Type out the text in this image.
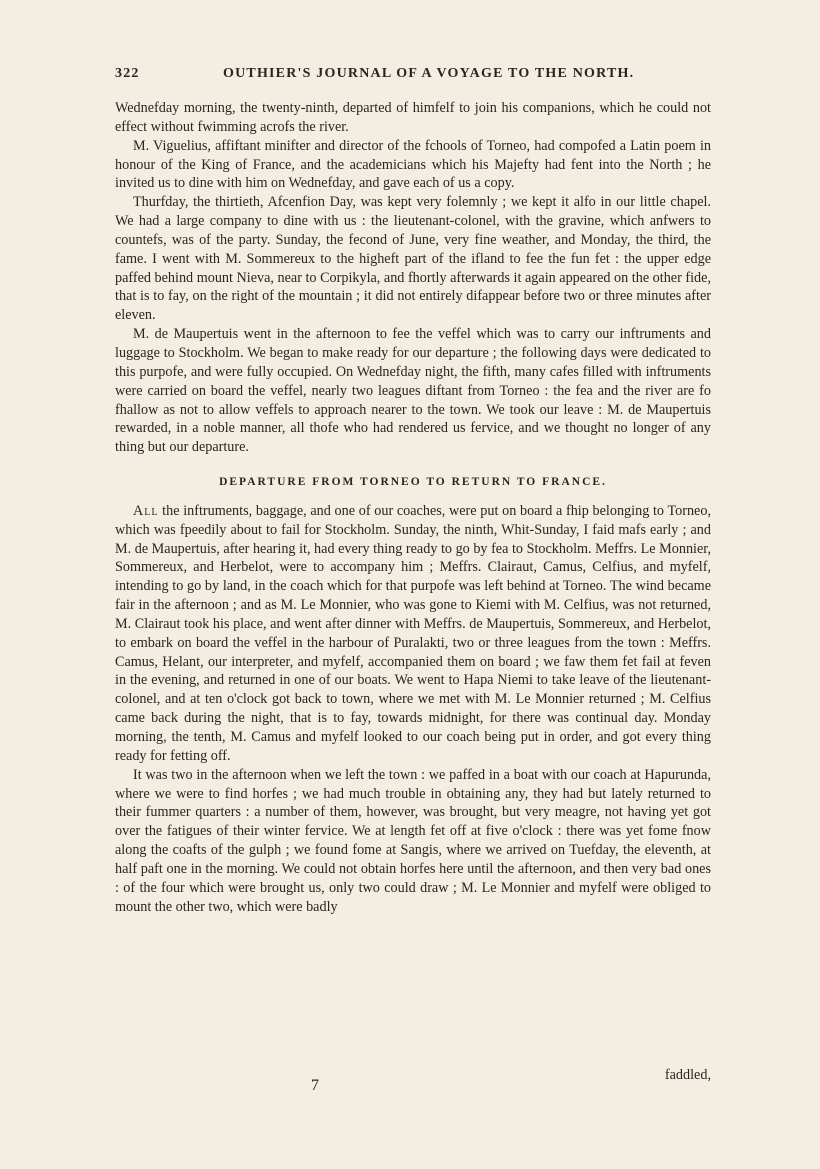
322	OUTHIER'S JOURNAL OF A VOYAGE TO THE NORTH.

Wednefday morning, the twenty-ninth, departed of himfelf to join his companions, which he could not effect without fwimming acrofs the river.

M. Viguelius, affiftant minifter and director of the fchools of Torneo, had compofed a Latin poem in honour of the King of France, and the academicians which his Majefty had fent into the North ; he invited us to dine with him on Wednefday, and gave each of us a copy.

Thurfday, the thirtieth, Afcenfion Day, was kept very folemnly ; we kept it alfo in our little chapel. We had a large company to dine with us : the lieutenant-colonel, with the gravine, which anfwers to countefs, was of the party. Sunday, the fecond of June, very fine weather, and Monday, the third, the fame. I went with M. Sommereux to the higheft part of the ifland to fee the fun fet : the upper edge paffed behind mount Nieva, near to Corpikyla, and fhortly afterwards it again appeared on the other fide, that is to fay, on the right of the mountain ; it did not entirely difappear before two or three minutes after eleven.

M. de Maupertuis went in the afternoon to fee the veffel which was to carry our inftruments and luggage to Stockholm. We began to make ready for our departure ; the following days were dedicated to this purpofe, and were fully occupied. On Wednefday night, the fifth, many cafes filled with inftruments were carried on board the veffel, nearly two leagues diftant from Torneo : the fea and the river are fo fhallow as not to allow veffels to approach nearer to the town. We took our leave : M. de Maupertuis rewarded, in a noble manner, all thofe who had rendered us fervice, and we thought no longer of any thing but our departure.

DEPARTURE FROM TORNEO TO RETURN TO FRANCE.

All the inftruments, baggage, and one of our coaches, were put on board a fhip belonging to Torneo, which was fpeedily about to fail for Stockholm. Sunday, the ninth, Whit-Sunday, I faid mafs early ; and M. de Maupertuis, after hearing it, had every thing ready to go by fea to Stockholm. Meffrs. Le Monnier, Sommereux, and Herbelot, were to accompany him ; Meffrs. Clairaut, Camus, Celfius, and myfelf, intending to go by land, in the coach which for that purpofe was left behind at Torneo. The wind became fair in the afternoon ; and as M. Le Monnier, who was gone to Kiemi with M. Celfius, was not returned, M. Clairaut took his place, and went after dinner with Meffrs. de Maupertuis, Sommereux, and Herbelot, to embark on board the veffel in the harbour of Puralakti, two or three leagues from the town : Meffrs. Camus, Helant, our interpreter, and myfelf, accompanied them on board ; we faw them fet fail at feven in the evening, and returned in one of our boats. We went to Hapa Niemi to take leave of the lieutenant-colonel, and at ten o'clock got back to town, where we met with M. Le Monnier returned ; M. Celfius came back during the night, that is to fay, towards midnight, for there was continual day. Monday morning, the tenth, M. Camus and myfelf looked to our coach being put in order, and got every thing ready for fetting off.

It was two in the afternoon when we left the town : we paffed in a boat with our coach at Hapurunda, where we were to find horfes ; we had much trouble in obtaining any, they had but lately returned to their fummer quarters : a number of them, however, was brought, but very meagre, not having yet got over the fatigues of their winter fervice. We at length fet off at five o'clock : there was yet fome fnow along the coafts of the gulph ; we found fome at Sangis, where we arrived on Tuefday, the eleventh, at half paft one in the morning. We could not obtain horfes here until the afternoon, and then very bad ones : of the four which were brought us, only two could draw ; M. Le Monnier and myfelf were obliged to mount the other two, which were badly

7
faddled,
